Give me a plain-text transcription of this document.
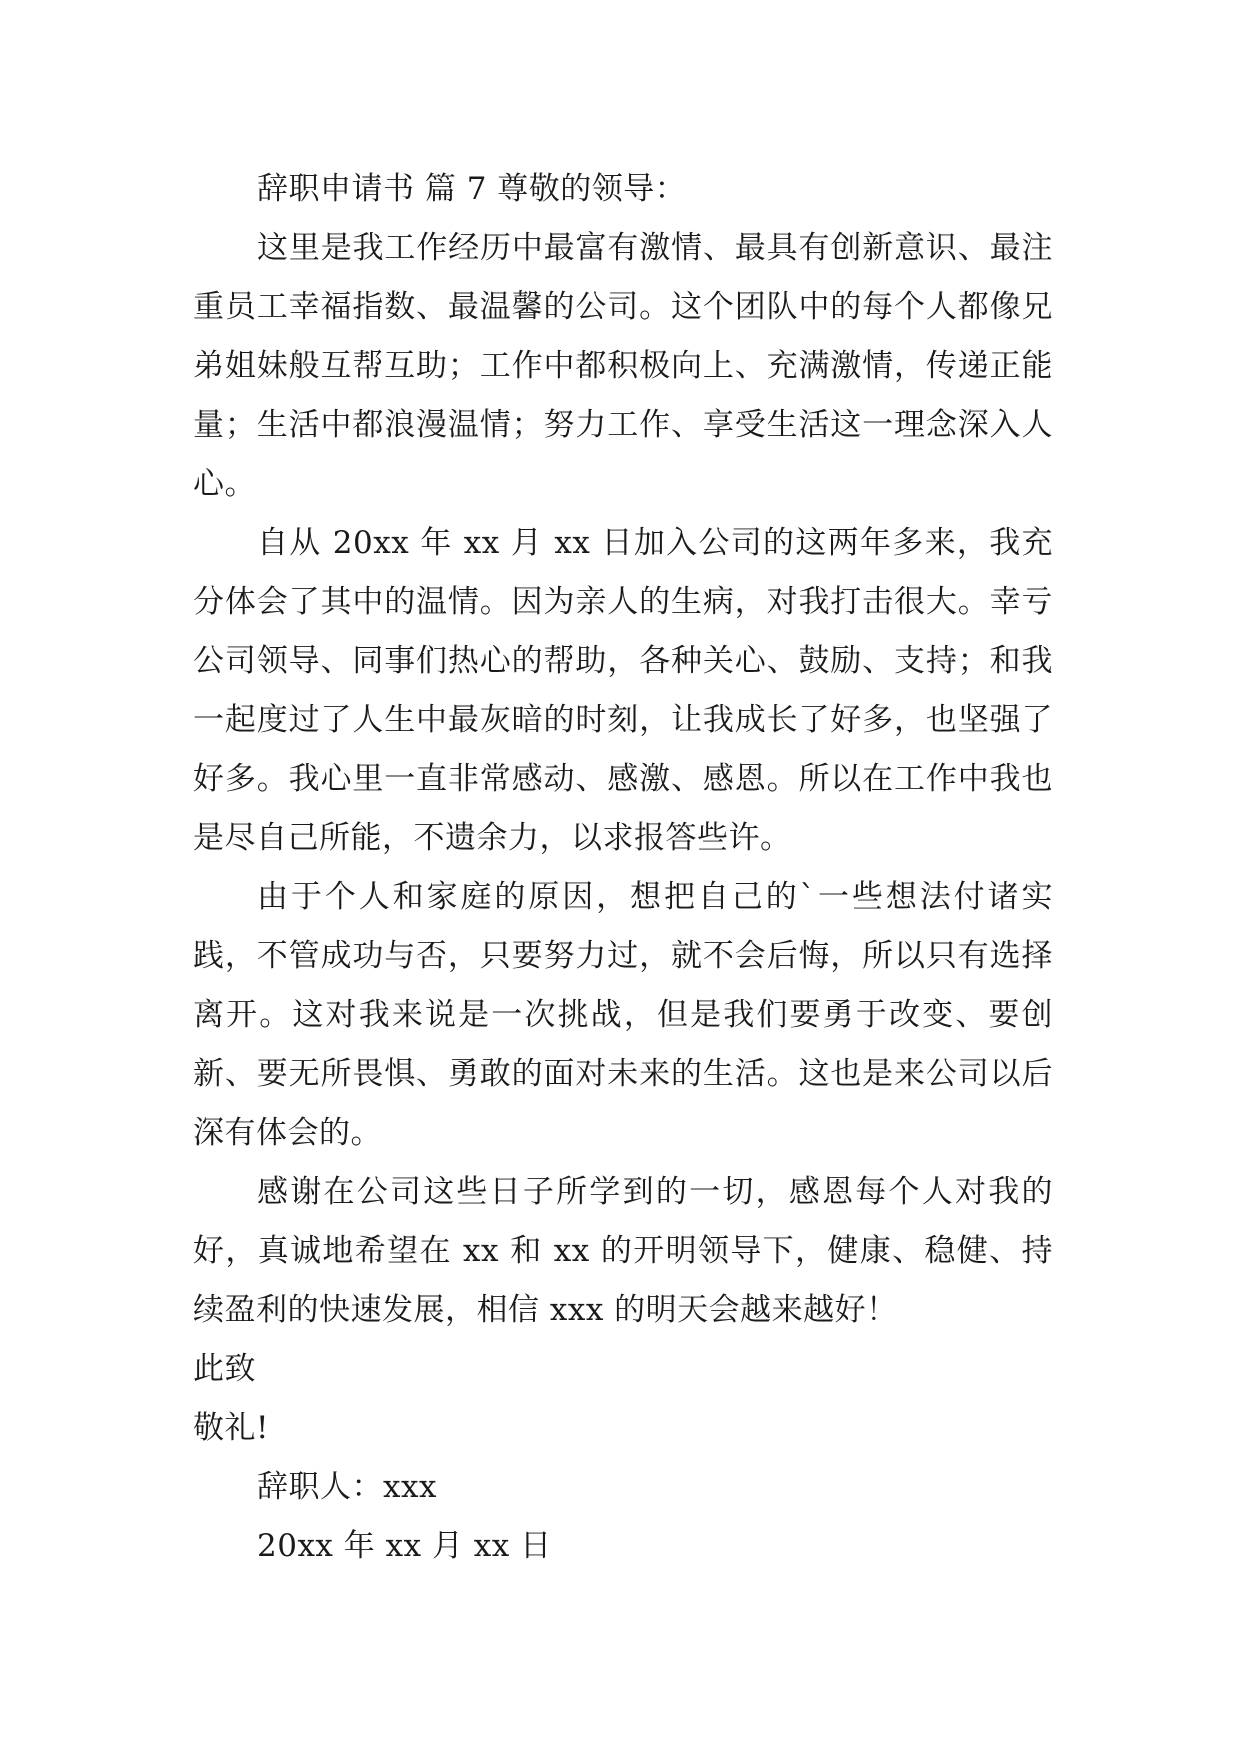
辞职申请书 篇 7 尊敬的领导：

这里是我工作经历中最富有激情、最具有创新意识、最注重员工幸福指数、最温馨的公司。这个团队中的每个人都像兄弟姐妹般互帮互助；工作中都积极向上、充满激情，传递正能量；生活中都浪漫温情；努力工作、享受生活这一理念深入人心。

自从 20xx 年 xx 月 xx 日加入公司的这两年多来，我充分体会了其中的温情。因为亲人的生病，对我打击很大。幸亏公司领导、同事们热心的帮助，各种关心、鼓励、支持；和我一起度过了人生中最灰暗的时刻，让我成长了好多，也坚强了好多。我心里一直非常感动、感激、感恩。所以在工作中我也是尽自己所能，不遗余力，以求报答些许。

由于个人和家庭的原因，想把自己的`一些想法付诸实践，不管成功与否，只要努力过，就不会后悔，所以只有选择离开。这对我来说是一次挑战，但是我们要勇于改变、要创新、要无所畏惧、勇敢的面对未来的生活。这也是来公司以后深有体会的。

感谢在公司这些日子所学到的一切，感恩每个人对我的好，真诚地希望在 xx 和 xx 的开明领导下，健康、稳健、持续盈利的快速发展，相信 xxx 的明天会越来越好！

此致

敬礼!

辞职人：xxx

20xx 年 xx 月 xx 日
